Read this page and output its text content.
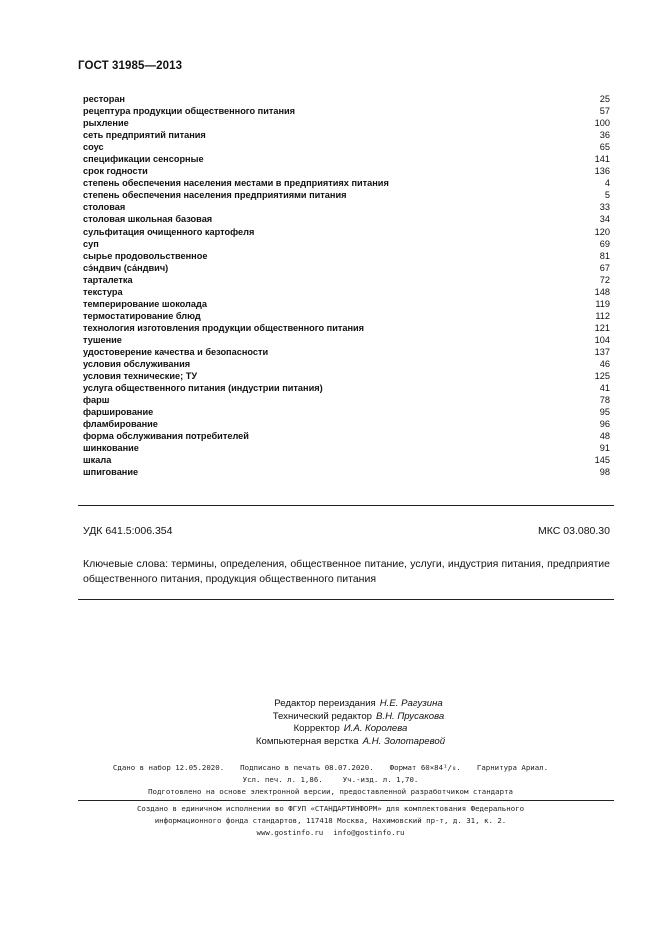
ГОСТ 31985—2013
ресторан	25
рецептура продукции общественного питания	57
рыхление	100
сеть предприятий питания	36
соус	65
спецификации сенсорные	141
срок годности	136
степень обеспечения населения местами в предприятиях питания	4
степень обеспечения населения предприятиями питания	5
столовая	33
столовая школьная базовая	34
сульфитация очищенного картофеля	120
суп	69
сырье продовольственное	81
сэ́ндвич (са́ндвич)	67
тарталетка	72
текстура	148
темперирование шоколада	119
термостатирование блюд	112
технология изготовления продукции общественного питания	121
тушение	104
удостоверение качества и безопасности	137
условия обслуживания	46
условия технические; ТУ	125
услуга общественного питания (индустрии питания)	41
фарш	78
фарширование	95
фламбирование	96
форма обслуживания потребителей	48
шинкование	91
шкала	145
шпигование	98
УДК 641.5:006.354	МКС 03.080.30
Ключевые слова: термины, определения, общественное питание, услуги, индустрия питания, предприятие общественного питания, продукция общественного питания
Редактор переиздания Н.Е. Рагузина
Технический редактор В.Н. Прусакова
Корректор И.А. Королева
Компьютерная верстка А.Н. Золотаревой
Сдано в набор 12.05.2020. Подписано в печать 08.07.2020. Формат 60×84¹/₈. Гарнитура Ариал.
Усл. печ. л. 1,86.	Уч.-изд. л. 1,70.
Подготовлено на основе электронной версии, предоставленной разработчиком стандарта
Создано в единичном исполнении во ФГУП «СТАНДАРТИНФОРМ» для комплектования Федерального
информационного фонда стандартов, 117418 Москва, Нахимовский пр-т, д. 31, к. 2.
www.gostinfo.ru info@gostinfo.ru
